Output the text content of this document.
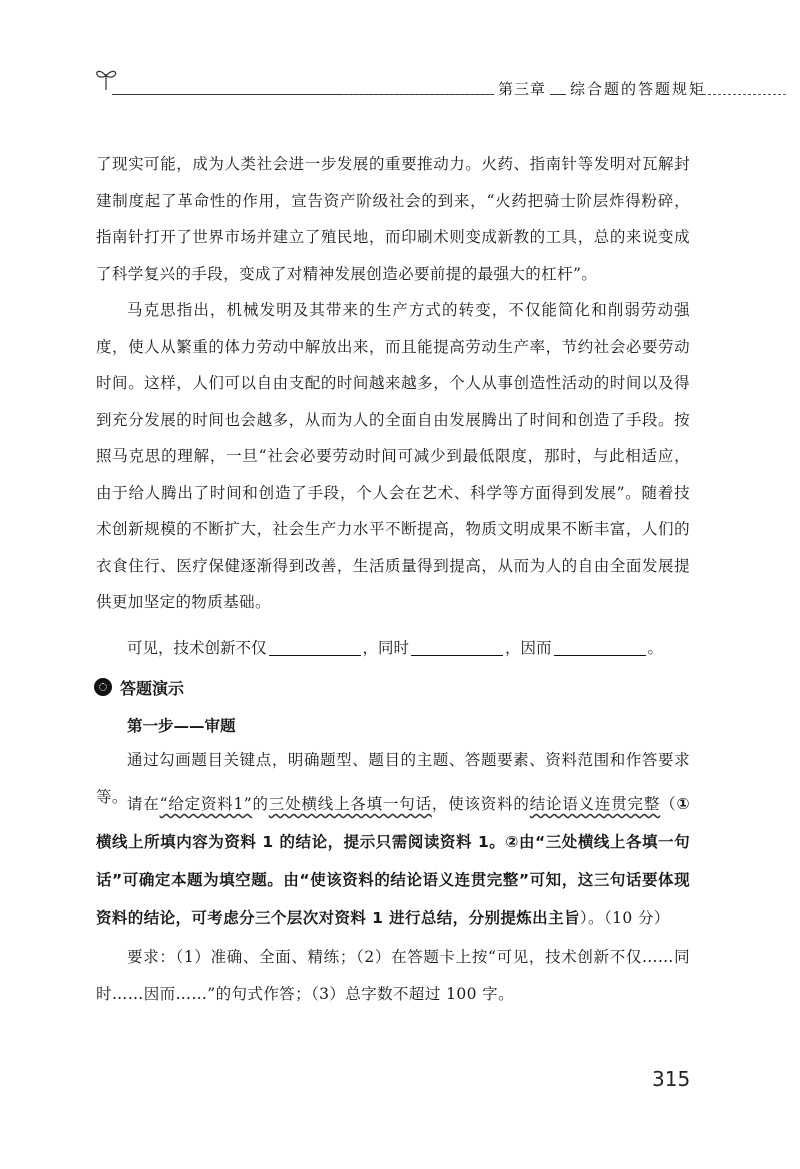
第三章 综合题的答题规矩
了现实可能，成为人类社会进一步发展的重要推动力。火药、指南针等发明对瓦解封建制度起了革命性的作用，宣告资产阶级社会的到来，“火药把骑士阶层炸得粉碎，指南针打开了世界市场并建立了殖民地，而印刷术则变成新教的工具，总的来说变成了科学复兴的手段，变成了对精神发展创造必要前提的最强大的杠杆”。
马克思指出，机械发明及其带来的生产方式的转变，不仅能简化和削弱劳动强度，使人从繁重的体力劳动中解放出来，而且能提高劳动生产率，节约社会必要劳动时间。这样，人们可以自由支配的时间越来越多，个人从事创造性活动的时间以及得到充分发展的时间也会越多，从而为人的全面自由发展腾出了时间和创造了手段。按照马克思的理解，一旦“社会必要劳动时间可减少到最低限度，那时，与此相适应，由于给人腾出了时间和创造了手段，个人会在艺术、科学等方面得到发展”。随着技术创新规模的不断扩大，社会生产力水平不断提高，物质文明成果不断丰富，人们的衣食住行、医疗保健逐渐得到改善，生活质量得到提高，从而为人的自由全面发展提供更加坚定的物质基础。
可见，技术创新不仅	，同时	，因而	。
答题演示
第一步——审题
通过勾画题目关键点，明确题型、题目的主题、答题要素、资料范围和作答要求等。 请在“给定资料1”的三处横线上各填一句话，使该资料的结论语义连贯完整（①横线上所填内容为资料 1 的结论，提示只需阅读资料 1。②由“三处横线上各填一句话”可确定本题为填空题。由“使该资料的结论语义连贯完整”可知，这三句话要体现资料的结论，可考虑分三个层次对资料 1 进行总结，分别提炼出主旨）。（10 分）
要求：（1）准确、全面、精练；（2）在答题卡上按“可见，技术创新不仅……同时……因而……”的句式作答；（3）总字数不超过 100 字。
315
